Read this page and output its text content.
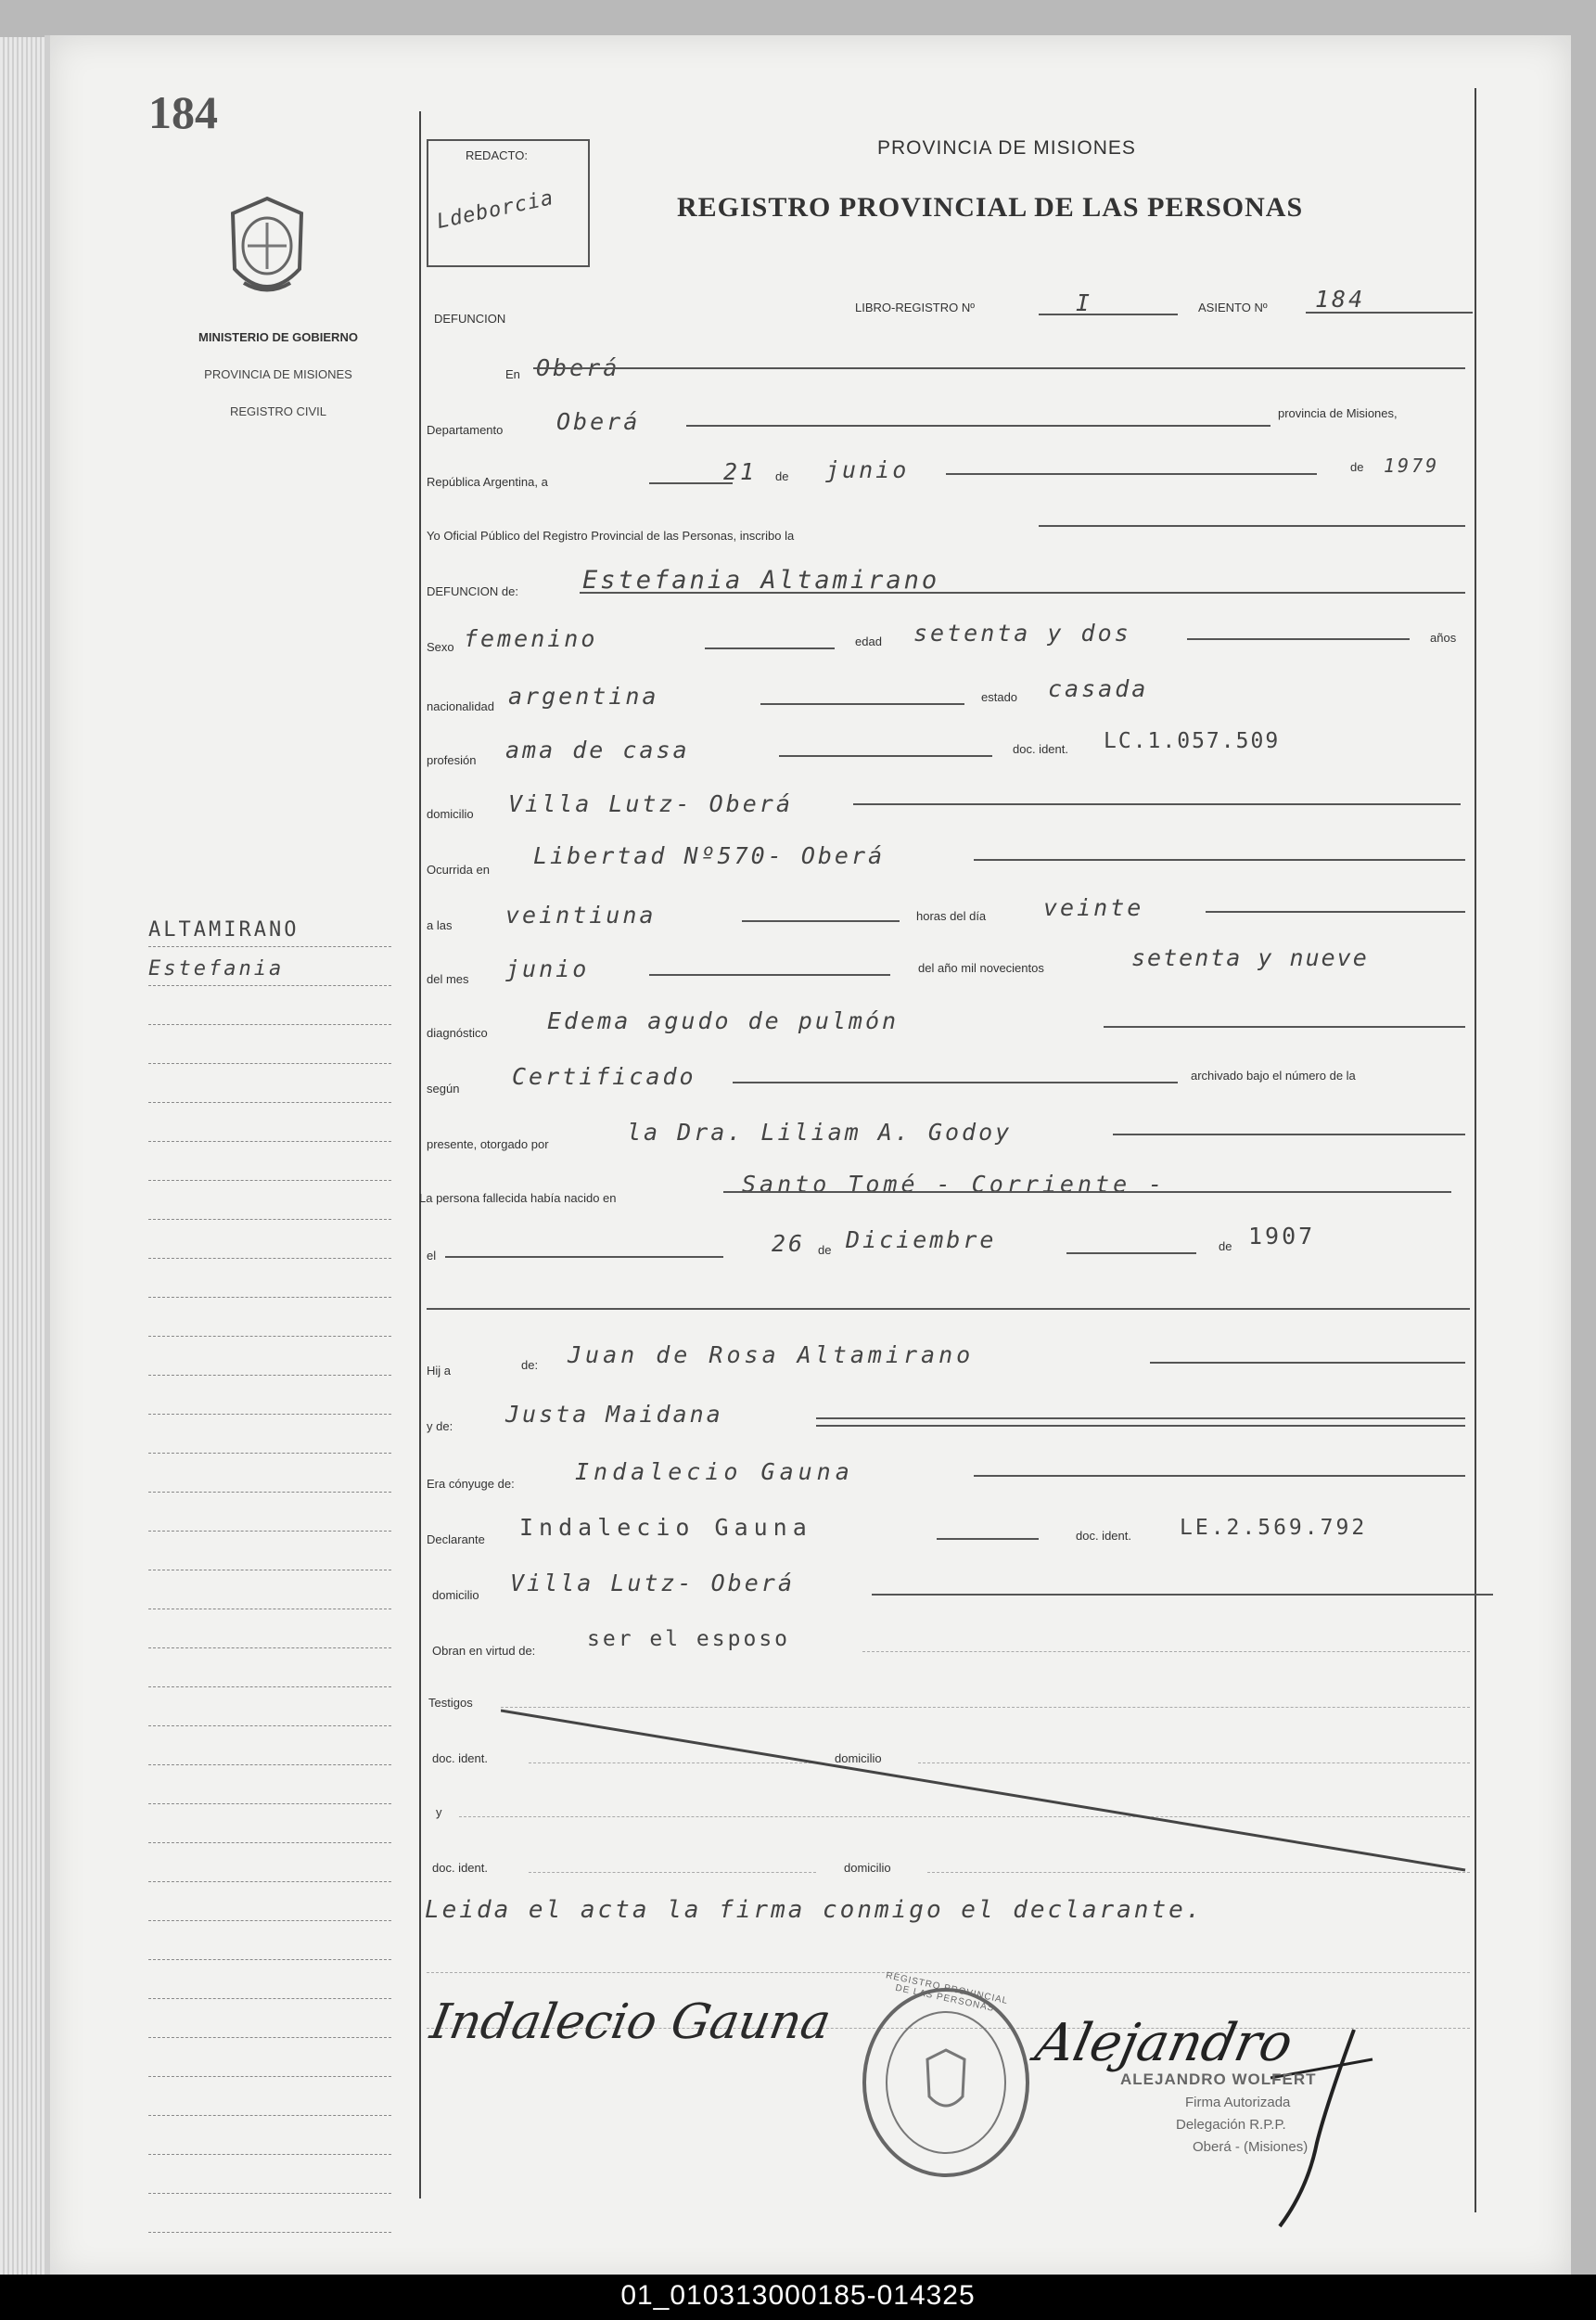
184
MINISTERIO DE GOBIERNO
PROVINCIA DE MISIONES
REGISTRO CIVIL
ALTAMIRANO
Estefania
REDACTO:
Ldeborcia
PROVINCIA DE MISIONES
REGISTRO PROVINCIAL DE LAS PERSONAS
DEFUNCION
LIBRO-REGISTRO Nº	I	ASIENTO Nº 184
En Oberá
Departamento Oberá	provincia de Misiones,
República Argentina, a	21 de junio	de 1979
Yo Oficial Público del Registro Provincial de las Personas, inscribo la
DEFUNCION de:	Estefania Altamirano
Sexo femenino	edad setenta y dos	años
nacionalidad argentina	estado casada
profesión ama de casa	doc. ident. LC.1.057.509
domicilio Villa Lutz- Oberá
Ocurrida en
Libertad Nº570- Oberá
a las veintiuna	horas del día veinte
del mes junio	del año mil novecientos	setenta y nueve
diagnóstico	Edema agudo de pulmón
según Certificado	archivado bajo el número de la
presente, otorgado por	la Dra. Liliam A. Godoy
La persona fallecida había nacido en
Santo Tomé - Corriente -
el	26 de Diciembre	de 1907
Hij a	de: Juan de Rosa Altamirano
y de: Justa Maidana
Era cónyuge de:	Indalecio Gauna
Declarante Indalecio Gauna	doc. ident. LE.2.569.792
domicilio Villa Lutz- Oberá
Obran en virtud de: ser el esposo
Testigos
doc. ident.	domicilio
y
doc. ident.	domicilio
Leida el acta la firma conmigo el declarante.
Indalecio Gauna
REGISTRO PROVINCIAL DE LAS PERSONAS
Alejandro
ALEJANDRO WOLFERT
Firma Autorizada
Delegación R.P.P.
Oberá - (Misiones)
01_010313000185-014325
